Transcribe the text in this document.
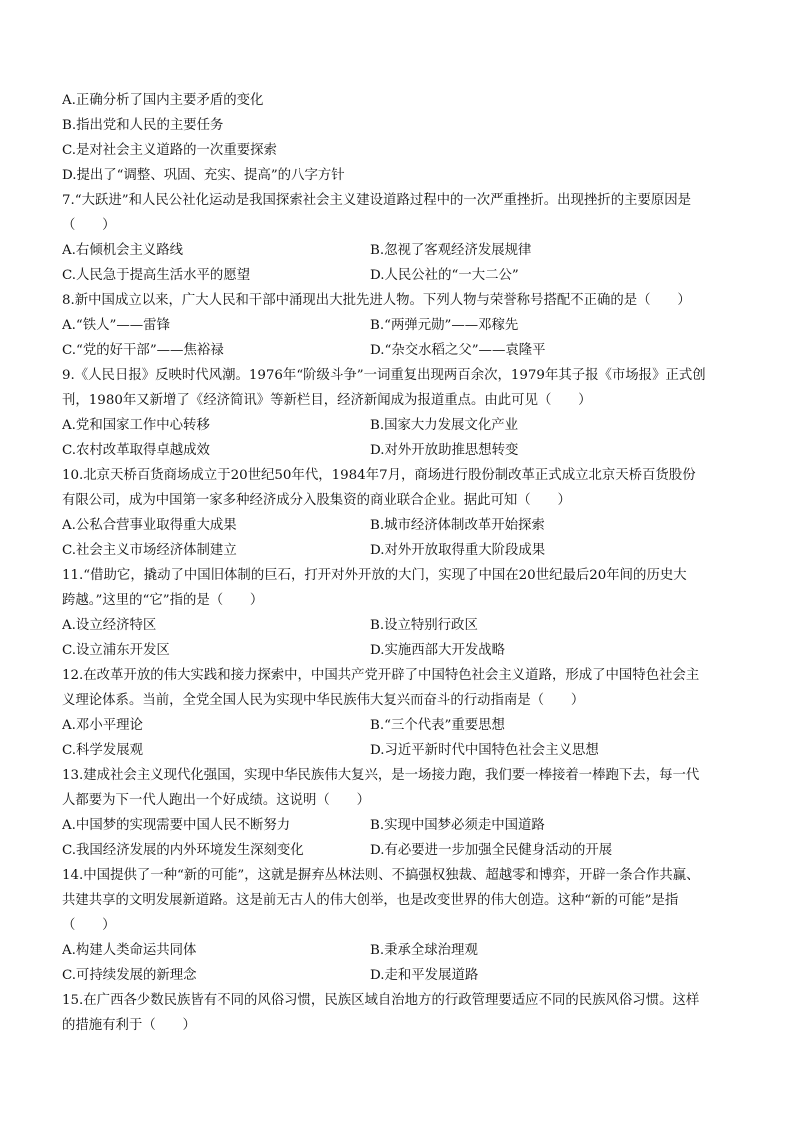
A.正确分析了国内主要矛盾的变化
B.指出党和人民的主要任务
C.是对社会主义道路的一次重要探索
D.提出了“调整、巩固、充实、提高”的八字方针
7.“大跃进”和人民公社化运动是我国探索社会主义建设道路过程中的一次严重挫折。出现挫折的主要原因是
（　　）
A.右倾机会主义路线	B.忽视了客观经济发展规律
C.人民急于提高生活水平的愿望	D.人民公社的“一大二公”
8.新中国成立以来，广大人民和干部中涌现出大批先进人物。下列人物与荣誉称号搭配不正确的是（　　）
A.“铁人”——雷锋	B.“两弹元勋”——邓稼先
C.“党的好干部”——焦裕禄	D.“杂交水稻之父”——袁隆平
9.《人民日报》反映时代风潮。1976年“阶级斗争”一词重复出现两百余次，1979年其子报《市场报》正式创
刊，1980年又新增了《经济简讯》等新栏目，经济新闻成为报道重点。由此可见（　　）
A.党和国家工作中心转移	B.国家大力发展文化产业
C.农村改革取得卓越成效	D.对外开放助推思想转变
10.北京天桥百货商场成立于20世纪50年代，1984年7月，商场进行股份制改革正式成立北京天桥百货股份
有限公司，成为中国第一家多种经济成分入股集资的商业联合企业。据此可知（　　）
A.公私合营事业取得重大成果	B.城市经济体制改革开始探索
C.社会主义市场经济体制建立	D.对外开放取得重大阶段成果
11.“借助它，撬动了中国旧体制的巨石，打开对外开放的大门，实现了中国在20世纪最后20年间的历史大
跨越。”这里的“它”指的是（　　）
A.设立经济特区	B.设立特别行政区
C.设立浦东开发区	D.实施西部大开发战略
12.在改革开放的伟大实践和接力探索中，中国共产党开辟了中国特色社会主义道路，形成了中国特色社会主
义理论体系。当前，全党全国人民为实现中华民族伟大复兴而奋斗的行动指南是（　　）
A.邓小平理论	B.“三个代表”重要思想
C.科学发展观	D.习近平新时代中国特色社会主义思想
13.建成社会主义现代化强国，实现中华民族伟大复兴，是一场接力跑，我们要一棒接着一棒跑下去，每一代
人都要为下一代人跑出一个好成绩。这说明（　　）
A.中国梦的实现需要中国人民不断努力	B.实现中国梦必须走中国道路
C.我国经济发展的内外环境发生深刻变化	D.有必要进一步加强全民健身活动的开展
14.中国提供了一种“新的可能”，这就是摒弃丛林法则、不搞强权独裁、超越零和博弈，开辟一条合作共赢、
共建共享的文明发展新道路。这是前无古人的伟大创举，也是改变世界的伟大创造。这种“新的可能”是指
（　　）
A.构建人类命运共同体	B.秉承全球治理观
C.可持续发展的新理念	D.走和平发展道路
15.在广西各少数民族皆有不同的风俗习惯，民族区域自治地方的行政管理要适应不同的民族风俗习惯。这样
的措施有利于（　　）
